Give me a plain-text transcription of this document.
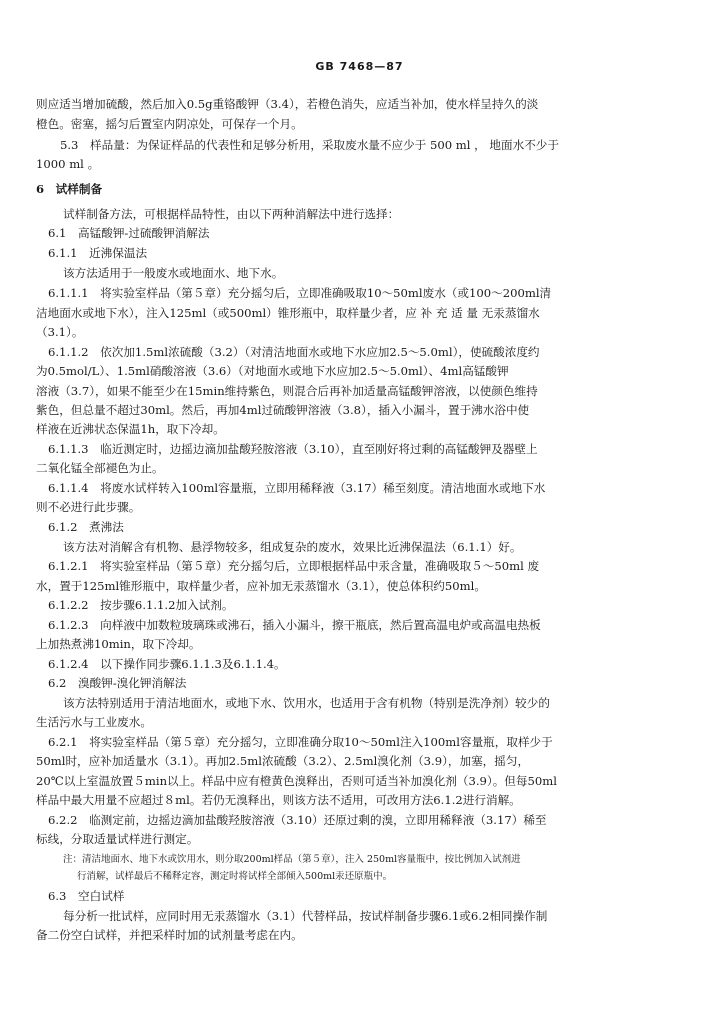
GB 7468—87

则应适当增加硫酸，然后加入0.5g重铬酸钾（3.4），若橙色消失，应适当补加，使水样呈持久的淡

橙色。密塞，摇匀后置室内阴凉处，可保存一个月。

5.3　样品量：为保证样品的代表性和足够分析用，采取废水量不应少于 500 ml ， 地面水不少于

1000 ml 。

6　试样制备

试样制备方法，可根据样品特性，由以下两种消解法中进行选择：

6.1　高锰酸钾-过硫酸钾消解法

6.1.1　近沸保温法

该方法适用于一般废水或地面水、地下水。

6.1.1.1　将实验室样品（第５章）充分摇匀后，立即准确吸取10～50ml废水（或100～200ml清

洁地面水或地下水），注入125ml（或500ml）锥形瓶中，取样量少者，应 补 充 适 量 无汞蒸馏水

（3.1）。

6.1.1.2　依次加1.5ml浓硫酸（3.2）（对清洁地面水或地下水应加2.5～5.0ml），使硫酸浓度约

为0.5mol/L）、1.5ml硝酸溶液（3.6）（对地面水或地下水应加2.5～5.0ml）、4ml高锰酸钾

溶液（3.7），如果不能至少在15min维持紫色，则混合后再补加适量高锰酸钾溶液，以使颜色维持

紫色，但总量不超过30ml。然后，再加4ml过硫酸钾溶液（3.8），插入小漏斗，置于沸水浴中使

样液在近沸状态保温1h，取下冷却。

6.1.1.3　临近测定时，边摇边滴加盐酸羟胺溶液（3.10），直至刚好将过剩的高锰酸钾及器壁上

二氧化锰全部褪色为止。

6.1.1.4　将废水试样转入100ml容量瓶，立即用稀释液（3.17）稀至刻度。清洁地面水或地下水

则不必进行此步骤。

6.1.2　煮沸法

该方法对消解含有机物、悬浮物较多，组成复杂的废水，效果比近沸保温法（6.1.1）好。

6.1.2.1　将实验室样品（第５章）充分摇匀后，立即根据样品中汞含量，准确吸取５～50ml 废

水，置于125ml锥形瓶中，取样量少者，应补加无汞蒸馏水（3.1），使总体积约50ml。

6.1.2.2　按步骤6.1.1.2加入试剂。

6.1.2.3　向样液中加数粒玻璃珠或沸石，插入小漏斗，擦干瓶底，然后置高温电炉或高温电热板

上加热煮沸10min，取下冷却。

6.1.2.4　以下操作同步骤6.1.1.3及6.1.1.4。

6.2　溴酸钾-溴化钾消解法

该方法特别适用于清洁地面水，或地下水、饮用水，也适用于含有机物（特别是洗净剂）较少的

生活污水与工业废水。

6.2.1　将实验室样品（第５章）充分摇匀，立即准确分取10～50ml注入100ml容量瓶，取样少于

50ml时，应补加适量水（3.1）。再加2.5ml浓硫酸（3.2）、2.5ml溴化剂（3.9），加塞，摇匀，

20℃以上室温放置５min以上。样品中应有橙黄色溴释出，否则可适当补加溴化剂（3.9）。但每50ml

样品中最大用量不应超过８ml。若仍无溴释出，则该方法不适用，可改用方法6.1.2进行消解。

6.2.2　临测定前，边摇边滴加盐酸羟胺溶液（3.10）还原过剩的溴，立即用稀释液（3.17）稀至

标线，分取适量试样进行测定。

注：清洁地面水、地下水或饮用水，则分取200ml样品（第５章），注入 250ml容量瓶中，按比例加入试剂进

行消解，试样最后不稀释定容，测定时将试样全部倾入500ml汞还原瓶中。

6.3　空白试样

每分析一批试样，应同时用无汞蒸馏水（3.1）代替样品，按试样制备步骤6.1或6.2相同操作制

备二份空白试样，并把采样时加的试剂量考虑在内。
